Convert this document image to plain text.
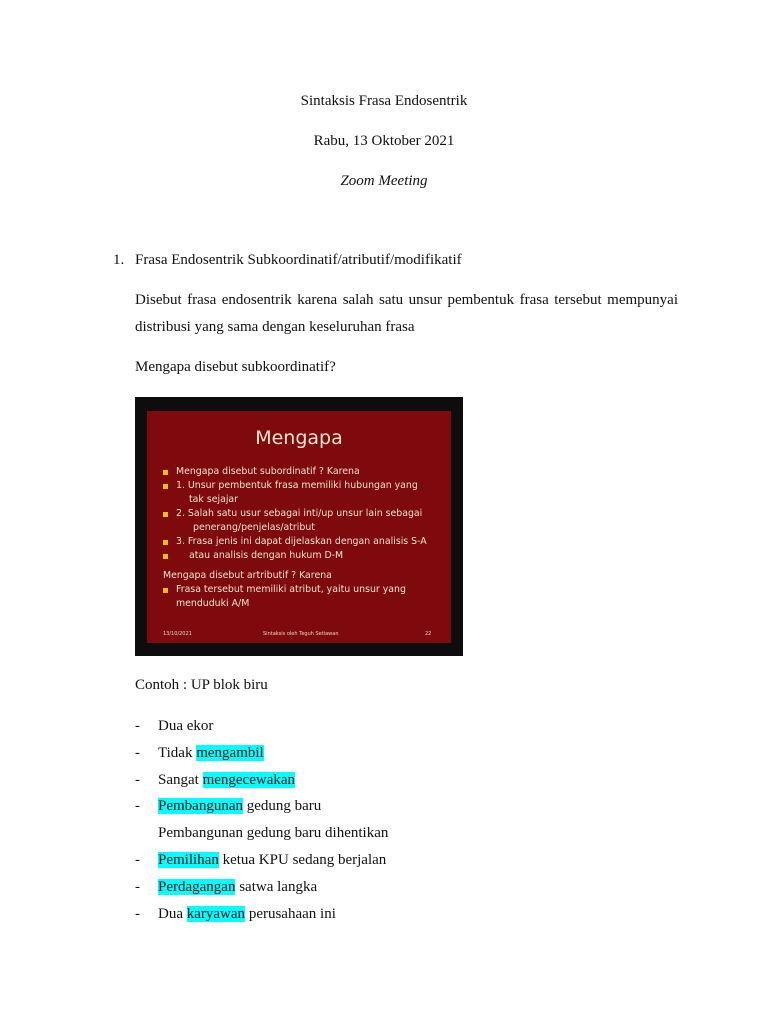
Sintaksis Frasa Endosentrik
Rabu, 13 Oktober 2021
Zoom Meeting
1. Frasa Endosentrik Subkoordinatif/atributif/modifikatif
Disebut frasa endosentrik karena salah satu unsur pembentuk frasa tersebut mempunyai
distribusi yang sama dengan keseluruhan frasa
Mengapa disebut subkoordinatif?
Mengapa
Mengapa disebut subordinatif ? Karena
1. Unsur pembentuk frasa memiliki hubungan yang
tak sejajar
2. Salah satu usur sebagai inti/up unsur lain sebagai
penerang/penjelas/atribut
3. Frasa jenis ini dapat dijelaskan dengan analisis S-A
atau analisis dengan hukum D-M
Mengapa disebut artributif ? Karena
Frasa tersebut memiliki atribut, yaitu unsur yang
menduduki A/M
13/10/2021	Sintaksis oleh Teguh Setiawan	22
Contoh : UP blok biru
- Dua ekor
- Tidak mengambil
- Sangat mengecewakan
- Pembangunan gedung baru
Pembangunan gedung baru dihentikan
- Pemilihan ketua KPU sedang berjalan
- Perdagangan satwa langka
- Dua karyawan perusahaan ini
